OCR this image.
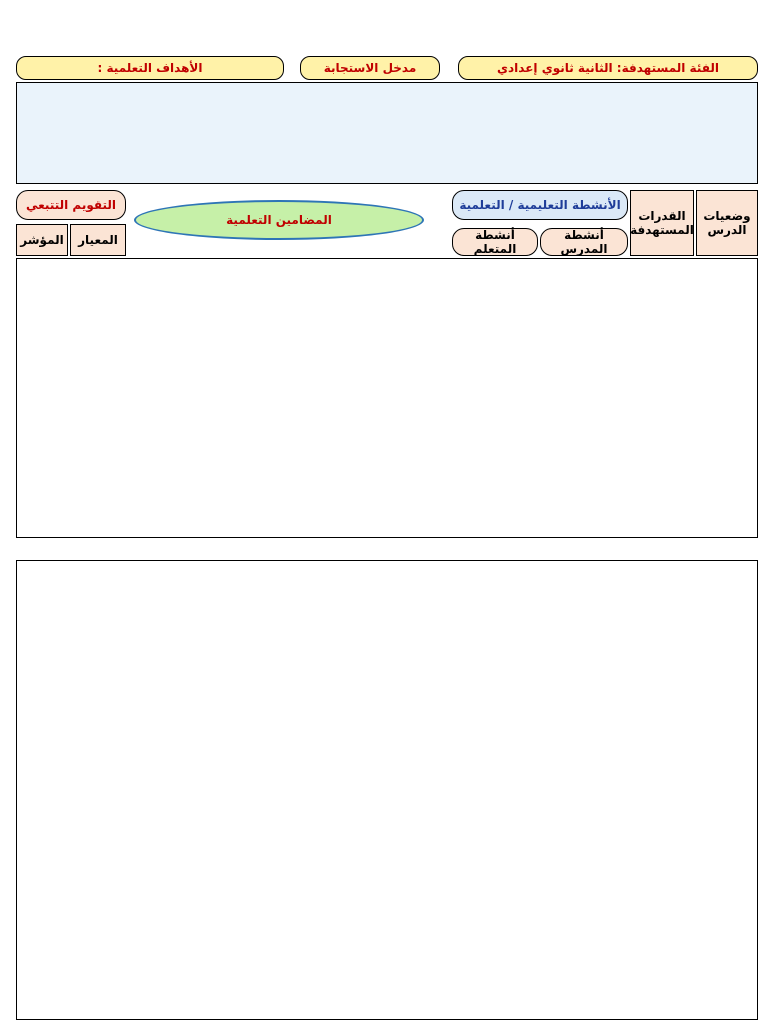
الفئة المستهدفة: الثانية ثانوي إعدادي
مدخل الاستجابة
الأهداف التعلمية :
وضعيات الدرس
القدرات المستهدفة
الأنشطة التعليمية / التعلمية
أنشطة المدرس
أنشطة المتعلم
المضامين التعلمية
التقويم التتبعي
المعيار
المؤشر
